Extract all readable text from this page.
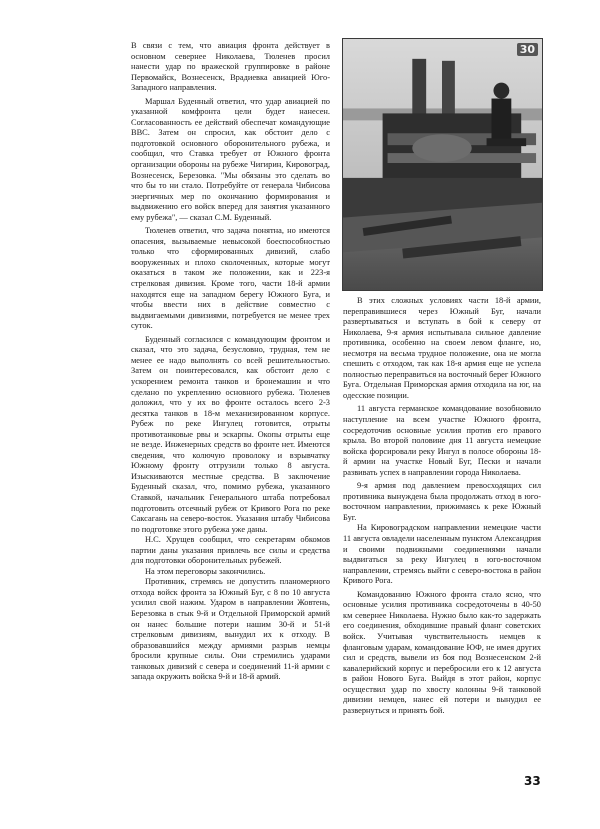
В связи с тем, что авиация фронта действует в основном севернее Николаева, Тюленев просил нанести удар по вражеской группировке в районе Первомайск, Вознесенск, Врадиевка авиацией Юго-Западного направления.

Маршал Буденный ответил, что удар авиацией по указанной комфронта цели будет нанесен. Согласованность ее действий обеспечат командующие ВВС. Затем он спросил, как обстоит дело с подготовкой основного оборонительного рубежа, и сообщил, что Ставка требует от Южного фронта организации обороны на рубеже Чигирин, Кировоград, Вознесенск, Березовка. "Мы обязаны это сделать во что бы то ни стало. Потребуйте от генерала Чибисова энергичных мер по окончанию формирования и выдвижению его войск вперед для занятия указанного ему рубежа", — сказал С.М. Буденный.

Тюленев ответил, что задача понятна, но имеются опасения, вызываемые невысокой боеспособностью только что сформированных дивизий, слабо вооруженных и плохо сколоченных, которые могут оказаться в таком же положении, как и 223-я стрелковая дивизия. Кроме того, части 18-й армии находятся еще на западном берегу Южного Буга, и чтобы ввести них в действие совместно с выдвигаемыми дивизиями, потребуется не менее трех суток.

Буденный согласился с командующим фронтом и сказал, что это задача, безусловно, трудная, тем не менее ее надо выполнять со всей решительностью. Затем он поинтересовался, как обстоит дело с ускорением ремонта танков и бронемашин и что сделано по укреплению основного рубежа. Тюленев доложил, что у их во фронте осталось всего 2-3 десятка танков в 18-м механизированном корпусе. Рубеж по реке Ингулец готовится, отрыты противотанковые рвы и эскарпы. Окопы отрыты еще не везде. Инженерных средств во фронте нет. Имеются сведения, что колючую проволоку и взрывчатку Южному фронту отгрузили только 8 августа. Изыскиваются местные средства. В заключение Буденный сказал, что, помимо рубежа, указанного Ставкой, начальник Генерального штаба потребовал подготовить отсечный рубеж от Кривого Рога по реке Саксагань на северо-восток. Указания штабу Чибисова по подготовке этого рубежа уже даны.

Н.С. Хрущев сообщил, что секретарям обкомов партии даны указания привлечь все силы и средства для подготовки оборонительных рубежей.

На этом переговоры закончились.

Противник, стремясь не допустить планомерного отхода войск фронта за Южный Буг, с 8 по 10 августа усилил свой нажим. Ударом в направлении Жовтень, Березовка в стык 9-й и Отдельной Приморской армий он нанес большие потери нашим 30-й и 51-й стрелковым дивизиям, вынудил их к отходу. В образовавшийся между армиями разрыв немцы бросили крупные силы. Они стремились ударами танковых дивизий с севера и соединений 11-й армии с запада окружить войска 9-й и 18-й армий.

30

В этих сложных условиях части 18-й армии, переправившиеся через Южный Буг, начали развертываться и вступать в бой к северу от Николаева, 9-я армия испытывала сильное давление противника, особенно на своем левом фланге, но, несмотря на весьма трудное положение, она не могла спешить с отходом, так как 18-я армия еще не успела полностью переправиться на восточный берег Южного Буга. Отдельная Приморская армия отходила на юг, на одесские позиции.

11 августа германское командование возобновило наступление на всем участке Южного фронта, сосредоточив основные усилия против его правого крыла. Во второй половине дня 11 августа немецкие войска форсировали реку Ингул в полосе обороны 18-й армии на участке Новый Буг, Пески и начали развивать успех в направлении города Николаева.

9-я армия под давлением превосходящих сил противника вынуждена была продолжать отход в юго-восточном направлении, прижимаясь к реке Южный Буг.

На Кировоградском направлении немецкие части 11 августа овладели населенным пунктом Александрия и своими подвижными соединениями начали выдвигаться за реку Ингулец в юго-восточном направлении, стремясь выйти с северо-востока в район Кривого Рога.

Командованию Южного фронта стало ясно, что основные усилия противника сосредоточены в 40-50 км севернее Николаева. Нужно было как-то задержать его соединения, обходившие правый фланг советских войск. Учитывая чувствительность немцев к фланговым ударам, командование ЮФ, не имея других сил и средств, вывели из боя под Вознесенском 2-й кавалерийский корпус и перебросили его к 12 августа в район Нового Буга. Выйдя в этот район, корпус осуществил удар по хвосту колонны 9-й танковой дивизии немцев, нанес ей потери и вынудил ее развернуться и принять бой.

33
